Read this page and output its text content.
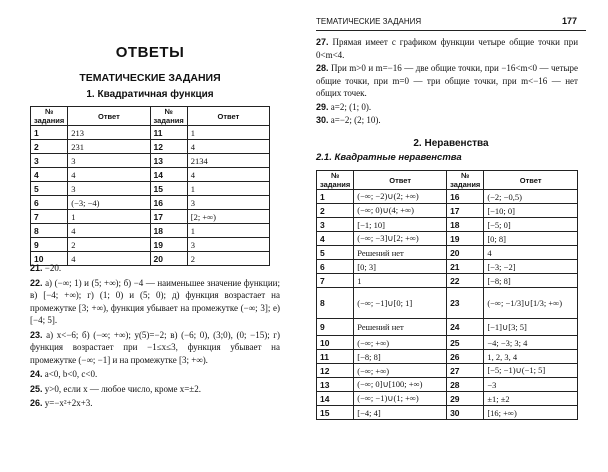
ОТВЕТЫ
ТЕМАТИЧЕСКИЕ ЗАДАНИЯ
1. Квадратичная функция
№ задания	Ответ	№ задания	Ответ
1	213	11	1
2	231	12	4
3	3	13	2134
4	4	14	4
5	3	15	1
6	(−3; −4)	16	3
7	1	17	[2; +∞)
8	4	18	1
9	2	19	3
10	4	20	2
21. −20.
22. а) (−∞; 1) и (5; +∞); б) −4 — наименьшее значение функции; в) [−4; +∞); г) (1; 0) и (5; 0); д) функция возрастает на промежутке [3; +∞), функция убывает на промежутке (−∞; 3]; е) [−4; 5].
23. а) x<−6; б) (−∞; +∞); y(5)=−2; в) (−6; 0), (3;0), (0; −15); г) функция возрастает при −1≤x≤3, функция убывает на промежутке (−∞; −1] и на промежутке [3; +∞).
24. a<0, b<0, c<0.
25. y>0, если x — любое число, кроме x=±2.
26. y=−x²+2x+3.
ТЕМАТИЧЕСКИЕ ЗАДАНИЯ	177
27. Прямая имеет с графиком функции четыре общие точки при 0<m<4.
28. При m>0 и m=−16 — две общие точки, при −16<m<0 — четыре общие точки, при m=0 — три общие точки, при m<−16 — нет общих точек.
29. a=2; (1; 0).
30. a=−2; (2; 10).
2. Неравенства
2.1. Квадратные неравенства
№ задания	Ответ	№ задания	Ответ
1	(−∞; −2)∪(2; +∞)	16	(−2; −0,5)
2	(−∞; 0)∪(4; +∞)	17	[−10; 0]
3	[−1; 10]	18	[−5; 0]
4	(−∞; −3]∪[2; +∞)	19	[0; 8]
5	Решений нет	20	4
6	[0; 3]	21	[−3; −2]
7	1	22	[−8; 8]
8	(−∞; −1]∪[0; 1]	23	(−∞; −1/3]∪[1/3; +∞)
9	Решений нет	24	[−1]∪[3; 5]
10	(−∞; +∞)	25	−4; −3; 3; 4
11	[−8; 8]	26	1, 2, 3, 4
12	(−∞; +∞)	27	[−5; −1)∪(−1; 5]
13	(−∞; 0]∪[100; +∞)	28	−3
14	(−∞; −1)∪(1; +∞)	29	±1; ±2
15	[−4; 4]	30	[16; +∞)
